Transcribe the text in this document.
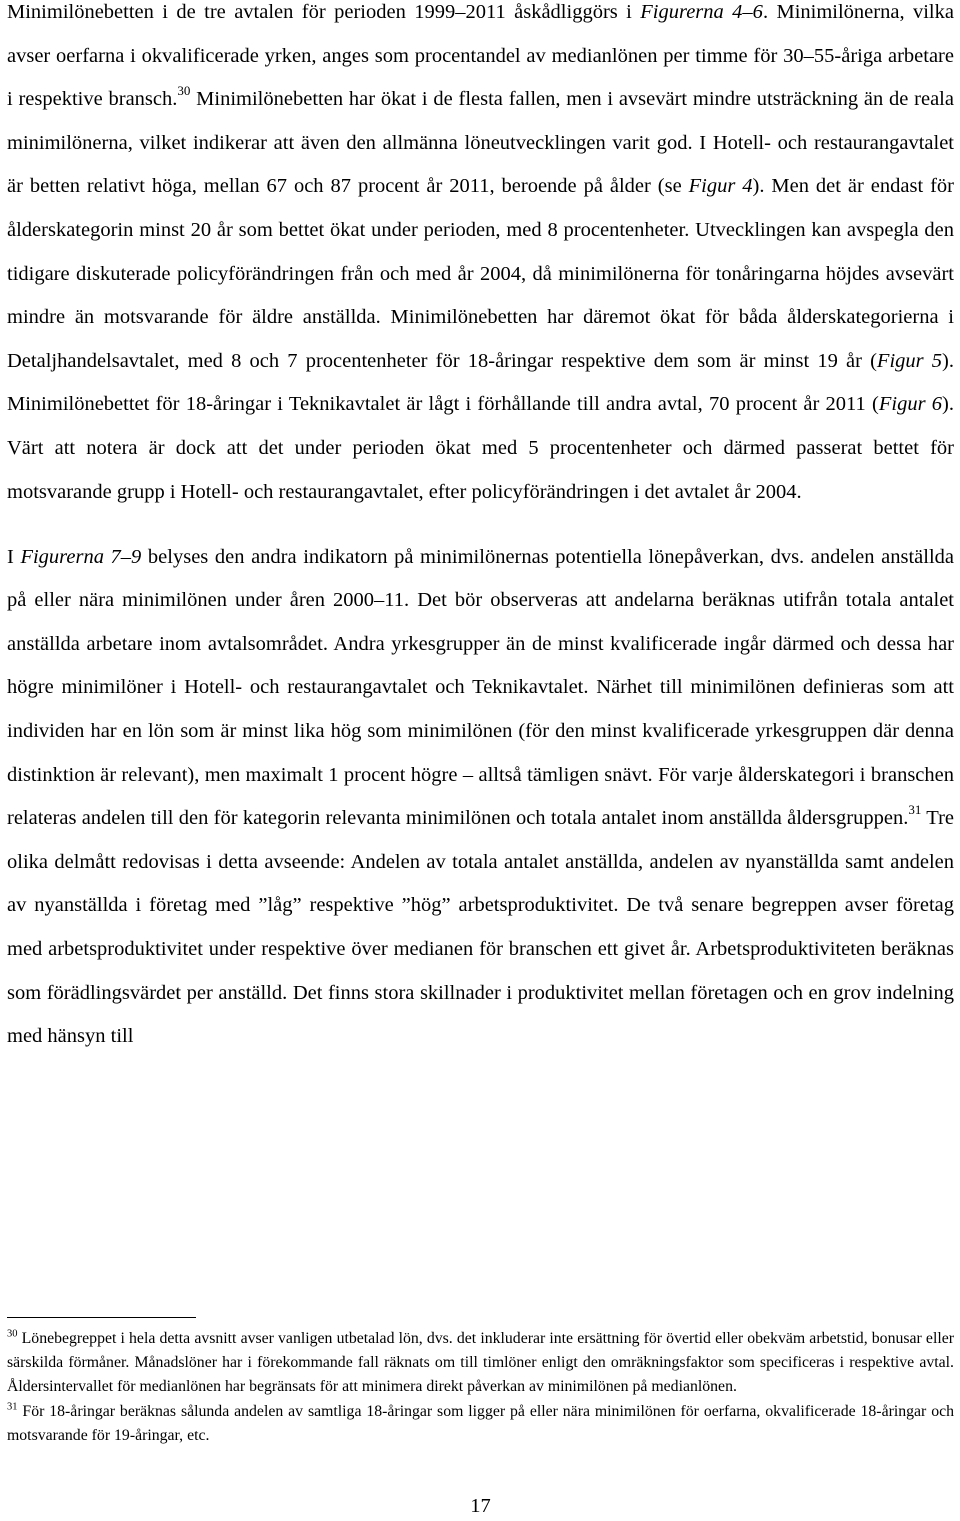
Minimilönebetten i de tre avtalen för perioden 1999–2011 åskådliggörs i Figurerna 4–6. Minimilönerna, vilka avser oerfarna i okvalificerade yrken, anges som procentandel av medianlönen per timme för 30–55-åriga arbetare i respektive bransch.$^{30}$ Minimilönebetten har ökat i de flesta fallen, men i avsevärt mindre utsträckning än de reala minimilönerna, vilket indikerar att även den allmänna löneutvecklingen varit god. I Hotell- och restaurangavtalet är betten relativt höga, mellan 67 och 87 procent år 2011, beroende på ålder (se Figur 4). Men det är endast för ålderskategorin minst 20 år som bettet ökat under perioden, med 8 procentenheter. Utvecklingen kan avspegla den tidigare diskuterade policyförändringen från och med år 2004, då minimilönerna för tonåringarna höjdes avsevärt mindre än motsvarande för äldre anställda. Minimilönebetten har däremot ökat för båda ålderskategorierna i Detaljhandelsavtalet, med 8 och 7 procentenheter för 18-åringar respektive dem som är minst 19 år (Figur 5). Minimilönebettet för 18-åringar i Teknikavtalet är lågt i förhållande till andra avtal, 70 procent år 2011 (Figur 6). Värt att notera är dock att det under perioden ökat med 5 procentenheter och därmed passerat bettet för motsvarande grupp i Hotell- och restaurangavtalet, efter policyförändringen i det avtalet år 2004.

I Figurerna 7–9 belyses den andra indikatorn på minimilönernas potentiella lönepåverkan, dvs. andelen anställda på eller nära minimilönen under åren 2000–11. Det bör observeras att andelarna beräknas utifrån totala antalet anställda arbetare inom avtalsområdet. Andra yrkesgrupper än de minst kvalificerade ingår därmed och dessa har högre minimilöner i Hotell- och restaurangavtalet och Teknikavtalet. Närhet till minimilönen definieras som att individen har en lön som är minst lika hög som minimilönen (för den minst kvalificerade yrkesgruppen där denna distinktion är relevant), men maximalt 1 procent högre – alltså tämligen snävt. För varje ålderskategori i branschen relateras andelen till den för kategorin relevanta minimilönen och totala antalet inom anställda åldersgruppen.$^{31}$ Tre olika delmått redovisas i detta avseende: Andelen av totala antalet anställda, andelen av nyanställda samt andelen av nyanställda i företag med ”låg” respektive ”hög” arbetsproduktivitet. De två senare begreppen avser företag med arbetsproduktivitet under respektive över medianen för branschen ett givet år. Arbetsproduktiviteten beräknas som förädlingsvärdet per anställd. Det finns stora skillnader i produktivitet mellan företagen och en grov indelning med hänsyn till

$^{30}$ Lönebegreppet i hela detta avsnitt avser vanligen utbetalad lön, dvs. det inkluderar inte ersättning för övertid eller obekväm arbetstid, bonusar eller särskilda förmåner. Månadslöner har i förekommande fall räknats om till timlöner enligt den omräkningsfaktor som specificeras i respektive avtal. Åldersintervallet för medianlönen har begränsats för att minimera direkt påverkan av minimilönen på medianlönen.

$^{31}$ För 18-åringar beräknas sålunda andelen av samtliga 18-åringar som ligger på eller nära minimilönen för oerfarna, okvalificerade 18-åringar och motsvarande för 19-åringar, etc.

17
